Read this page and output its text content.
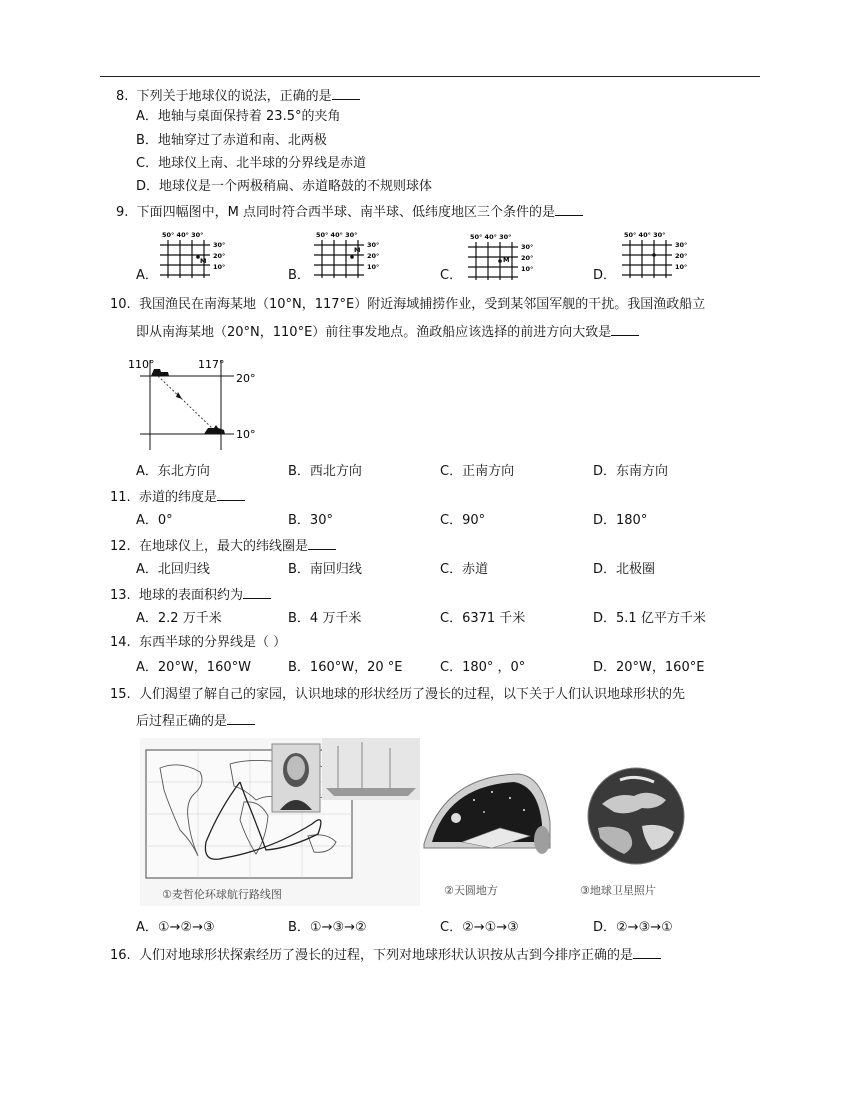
8. 下列关于地球仪的说法，正确的是
A．地轴与桌面保持着 23.5°的夹角
B．地轴穿过了赤道和南、北两极
C．地球仪上南、北半球的分界线是赤道
D．地球仪是一个两极稍扁、赤道略鼓的不规则球体
9. 下面四幅图中，M 点同时符合西半球、南半球、低纬度地区三个条件的是
A．	B．	C．	D．
50° 40° 30°
30°
20°
10°
M
50° 40° 30°
30°
20°
10°
M
50° 40° 30°
30°
20°
10°
M
50° 40° 30°
30°
20°
10°
10. 我国渔民在南海某地（10°N，117°E）附近海域捕捞作业，受到某邻国军舰的干扰。我国渔政船立
即从南海某地（20°N，110°E）前往事发地点。渔政船应该选择的前进方向大致是
110°	117°
20°
10°
A．东北方向	B．西北方向	C．正南方向	D．东南方向
11. 赤道的纬度是
A．0°	B．30°	C．90°	D．180°
12. 在地球仪上，最大的纬线圈是
A．北回归线	B．南回归线	C．赤道	D．北极圈
13. 地球的表面积约为
A．2.2 万千米	B．4 万千米	C．6371 千米	D．5.1 亿平方千米
14. 东西半球的分界线是（ ）
A．20°W，160°W	B．160°W，20 °E	C．180° ，0°	D．20°W，160°E
15. 人们渴望了解自己的家园，认识地球的形状经历了漫长的过程，以下关于人们认识地球形状的先
后过程正确的是
①麦哲伦环球航行路线图	②天圆地方	③地球卫星照片
A．①→②→③	B．①→③→②	C．②→①→③	D．②→③→①
16. 人们对地球形状探索经历了漫长的过程，下列对地球形状认识按从古到今排序正确的是
